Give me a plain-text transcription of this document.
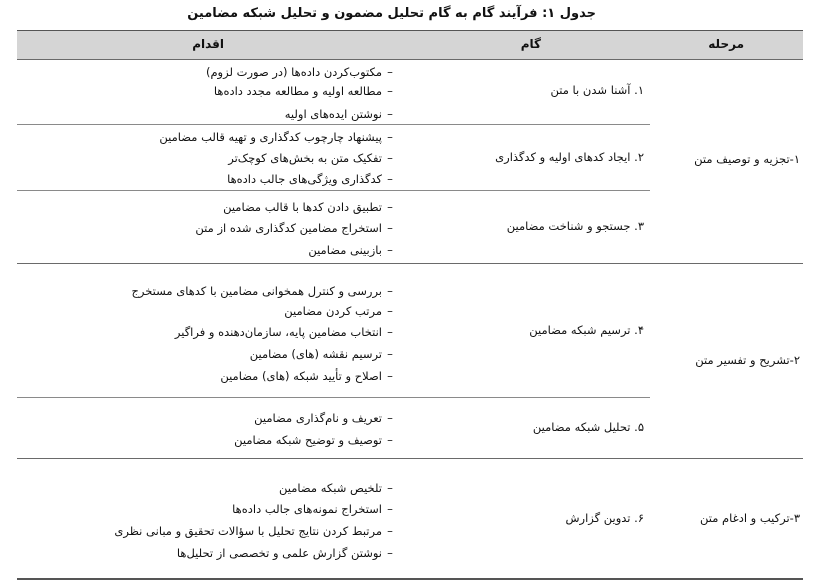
جدول ۱: فرآیند گام به گام تحلیل مضمون و تحلیل شبکه مضامین
مرحله
گام
اقدام
۱-تجزیه و توصیف متن
۲-تشریح و تفسیر متن
۳-ترکیب و ادغام متن
۱. آشنا شدن با متن
–
مکتوب‌کردن داده‌ها (در صورت لزوم)
–
مطالعه اولیه و مطالعه مجدد داده‌ها
–
نوشتن ایده‌های اولیه
۲. ایجاد کدهای اولیه و کدگذاری
–
پیشنهاد چارچوب کدگذاری و تهیه قالب مضامین
–
تفکیک متن به بخش‌های کوچک‌تر
–
کدگذاری ویژگی‌های جالب داده‌ها
۳. جستجو و شناخت مضامین
–
تطبیق دادن کدها با قالب مضامین
–
استخراج مضامین کدگذاری شده از متن
–
بازبینی مضامین
۴. ترسیم شبکه مضامین
–
بررسی و کنترل همخوانی مضامین با کدهای مستخرج
–
مرتب کردن مضامین
–
انتخاب مضامین پایه، سازمان‌دهنده و فراگیر
–
ترسیم نقشه (های) مضامین
–
اصلاح و تأیید شبکه (های) مضامین
۵. تحلیل شبکه مضامین
–
تعریف و نام‌گذاری مضامین
–
توصیف و توضیح شبکه مضامین
۶. تدوین گزارش
–
تلخیص شبکه مضامین
–
استخراج نمونه‌های جالب داده‌ها
–
مرتبط کردن نتایج تحلیل با سؤالات تحقیق و مبانی نظری
–
نوشتن گزارش علمی و تخصصی از تحلیل‌ها
